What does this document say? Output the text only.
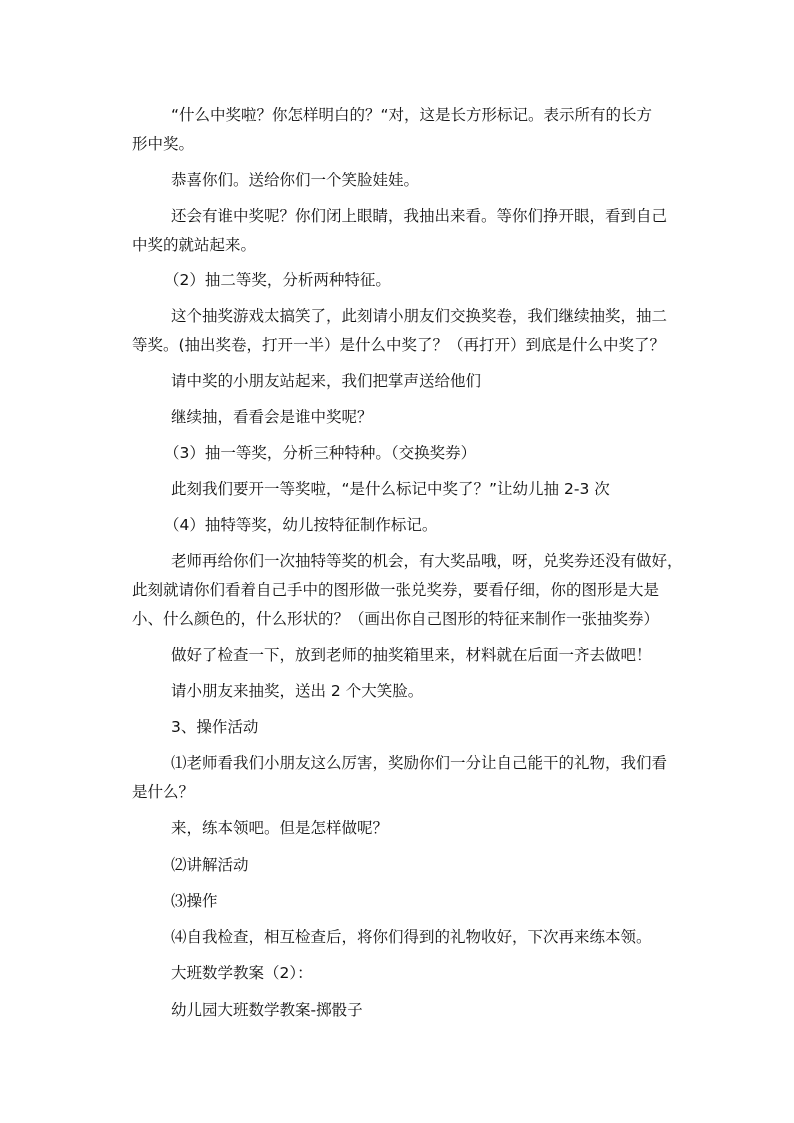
“什么中奖啦？你怎样明白的？“对，这是长方形标记。表示所有的长方
形中奖。
恭喜你们。送给你们一个笑脸娃娃。
还会有谁中奖呢？你们闭上眼睛，我抽出来看。等你们挣开眼，看到自己
中奖的就站起来。
（2）抽二等奖，分析两种特征。
这个抽奖游戏太搞笑了，此刻请小朋友们交换奖卷，我们继续抽奖，抽二
等奖。(抽出奖卷，打开一半）是什么中奖了？（再打开）到底是什么中奖了？
请中奖的小朋友站起来，我们把掌声送给他们
继续抽，看看会是谁中奖呢？
（3）抽一等奖，分析三种特种。（交换奖券）
此刻我们要开一等奖啦，“是什么标记中奖了？”让幼儿抽 2-3 次
（4）抽特等奖，幼儿按特征制作标记。
老师再给你们一次抽特等奖的机会，有大奖品哦，呀，兑奖券还没有做好，
此刻就请你们看着自己手中的图形做一张兑奖券，要看仔细，你的图形是大是
小、什么颜色的，什么形状的？（画出你自己图形的特征来制作一张抽奖券）
做好了检查一下，放到老师的抽奖箱里来，材料就在后面一齐去做吧！
请小朋友来抽奖，送出 2 个大笑脸。
3、操作活动
⑴老师看我们小朋友这么厉害，奖励你们一分让自己能干的礼物，我们看
是什么？
来，练本领吧。但是怎样做呢？
⑵讲解活动
⑶操作
⑷自我检查，相互检查后，将你们得到的礼物收好，下次再来练本领。
大班数学教案（2）：
幼儿园大班数学教案-掷骰子
